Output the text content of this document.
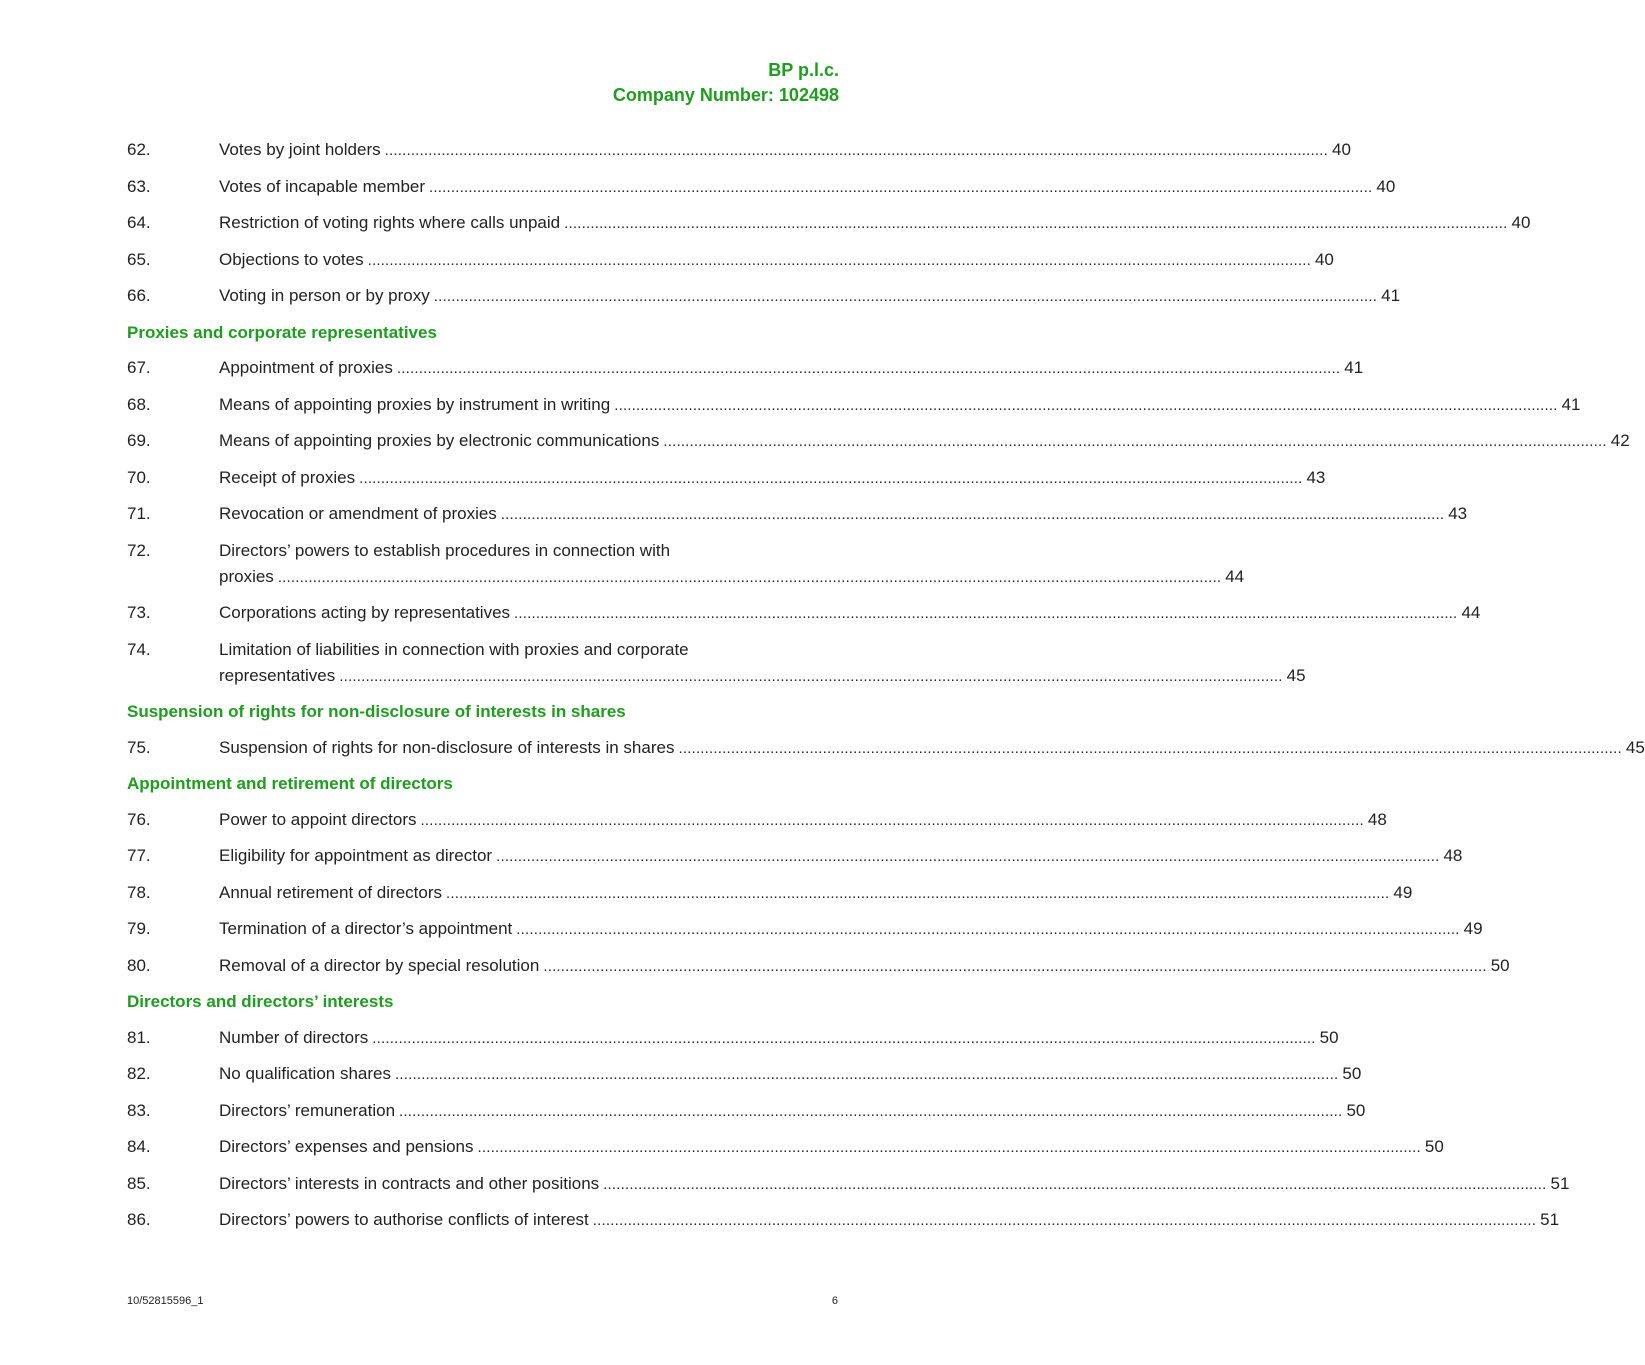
BP p.l.c.
Company Number: 102498
62.	Votes by joint holders .....	40
63.	Votes of incapable member .....	40
64.	Restriction of voting rights where calls unpaid .....	40
65.	Objections to votes .....	40
66.	Voting in person or by proxy .....	41
Proxies and corporate representatives
67.	Appointment of proxies .....	41
68.	Means of appointing proxies by instrument in writing .....	41
69.	Means of appointing proxies by electronic communications .....	42
70.	Receipt of proxies .....	43
71.	Revocation or amendment of proxies .....	43
72.	Directors’ powers to establish procedures in connection with
proxies .....	44
73.	Corporations acting by representatives .....	44
74.	Limitation of liabilities in connection with proxies and corporate
representatives .....	45
Suspension of rights for non-disclosure of interests in shares
75.	Suspension of rights for non-disclosure of interests in shares .....	45
Appointment and retirement of directors
76.	Power to appoint directors .....	48
77.	Eligibility for appointment as director .....	48
78.	Annual retirement of directors .....	49
79.	Termination of a director’s appointment .....	49
80.	Removal of a director by special resolution .....	50
Directors and directors’ interests
81.	Number of directors .....	50
82.	No qualification shares .....	50
83.	Directors’ remuneration .....	50
84.	Directors’ expenses and pensions .....	50
85.	Directors’ interests in contracts and other positions .....	51
86.	Directors’ powers to authorise conflicts of interest .....	51
10/52815596_1	6
